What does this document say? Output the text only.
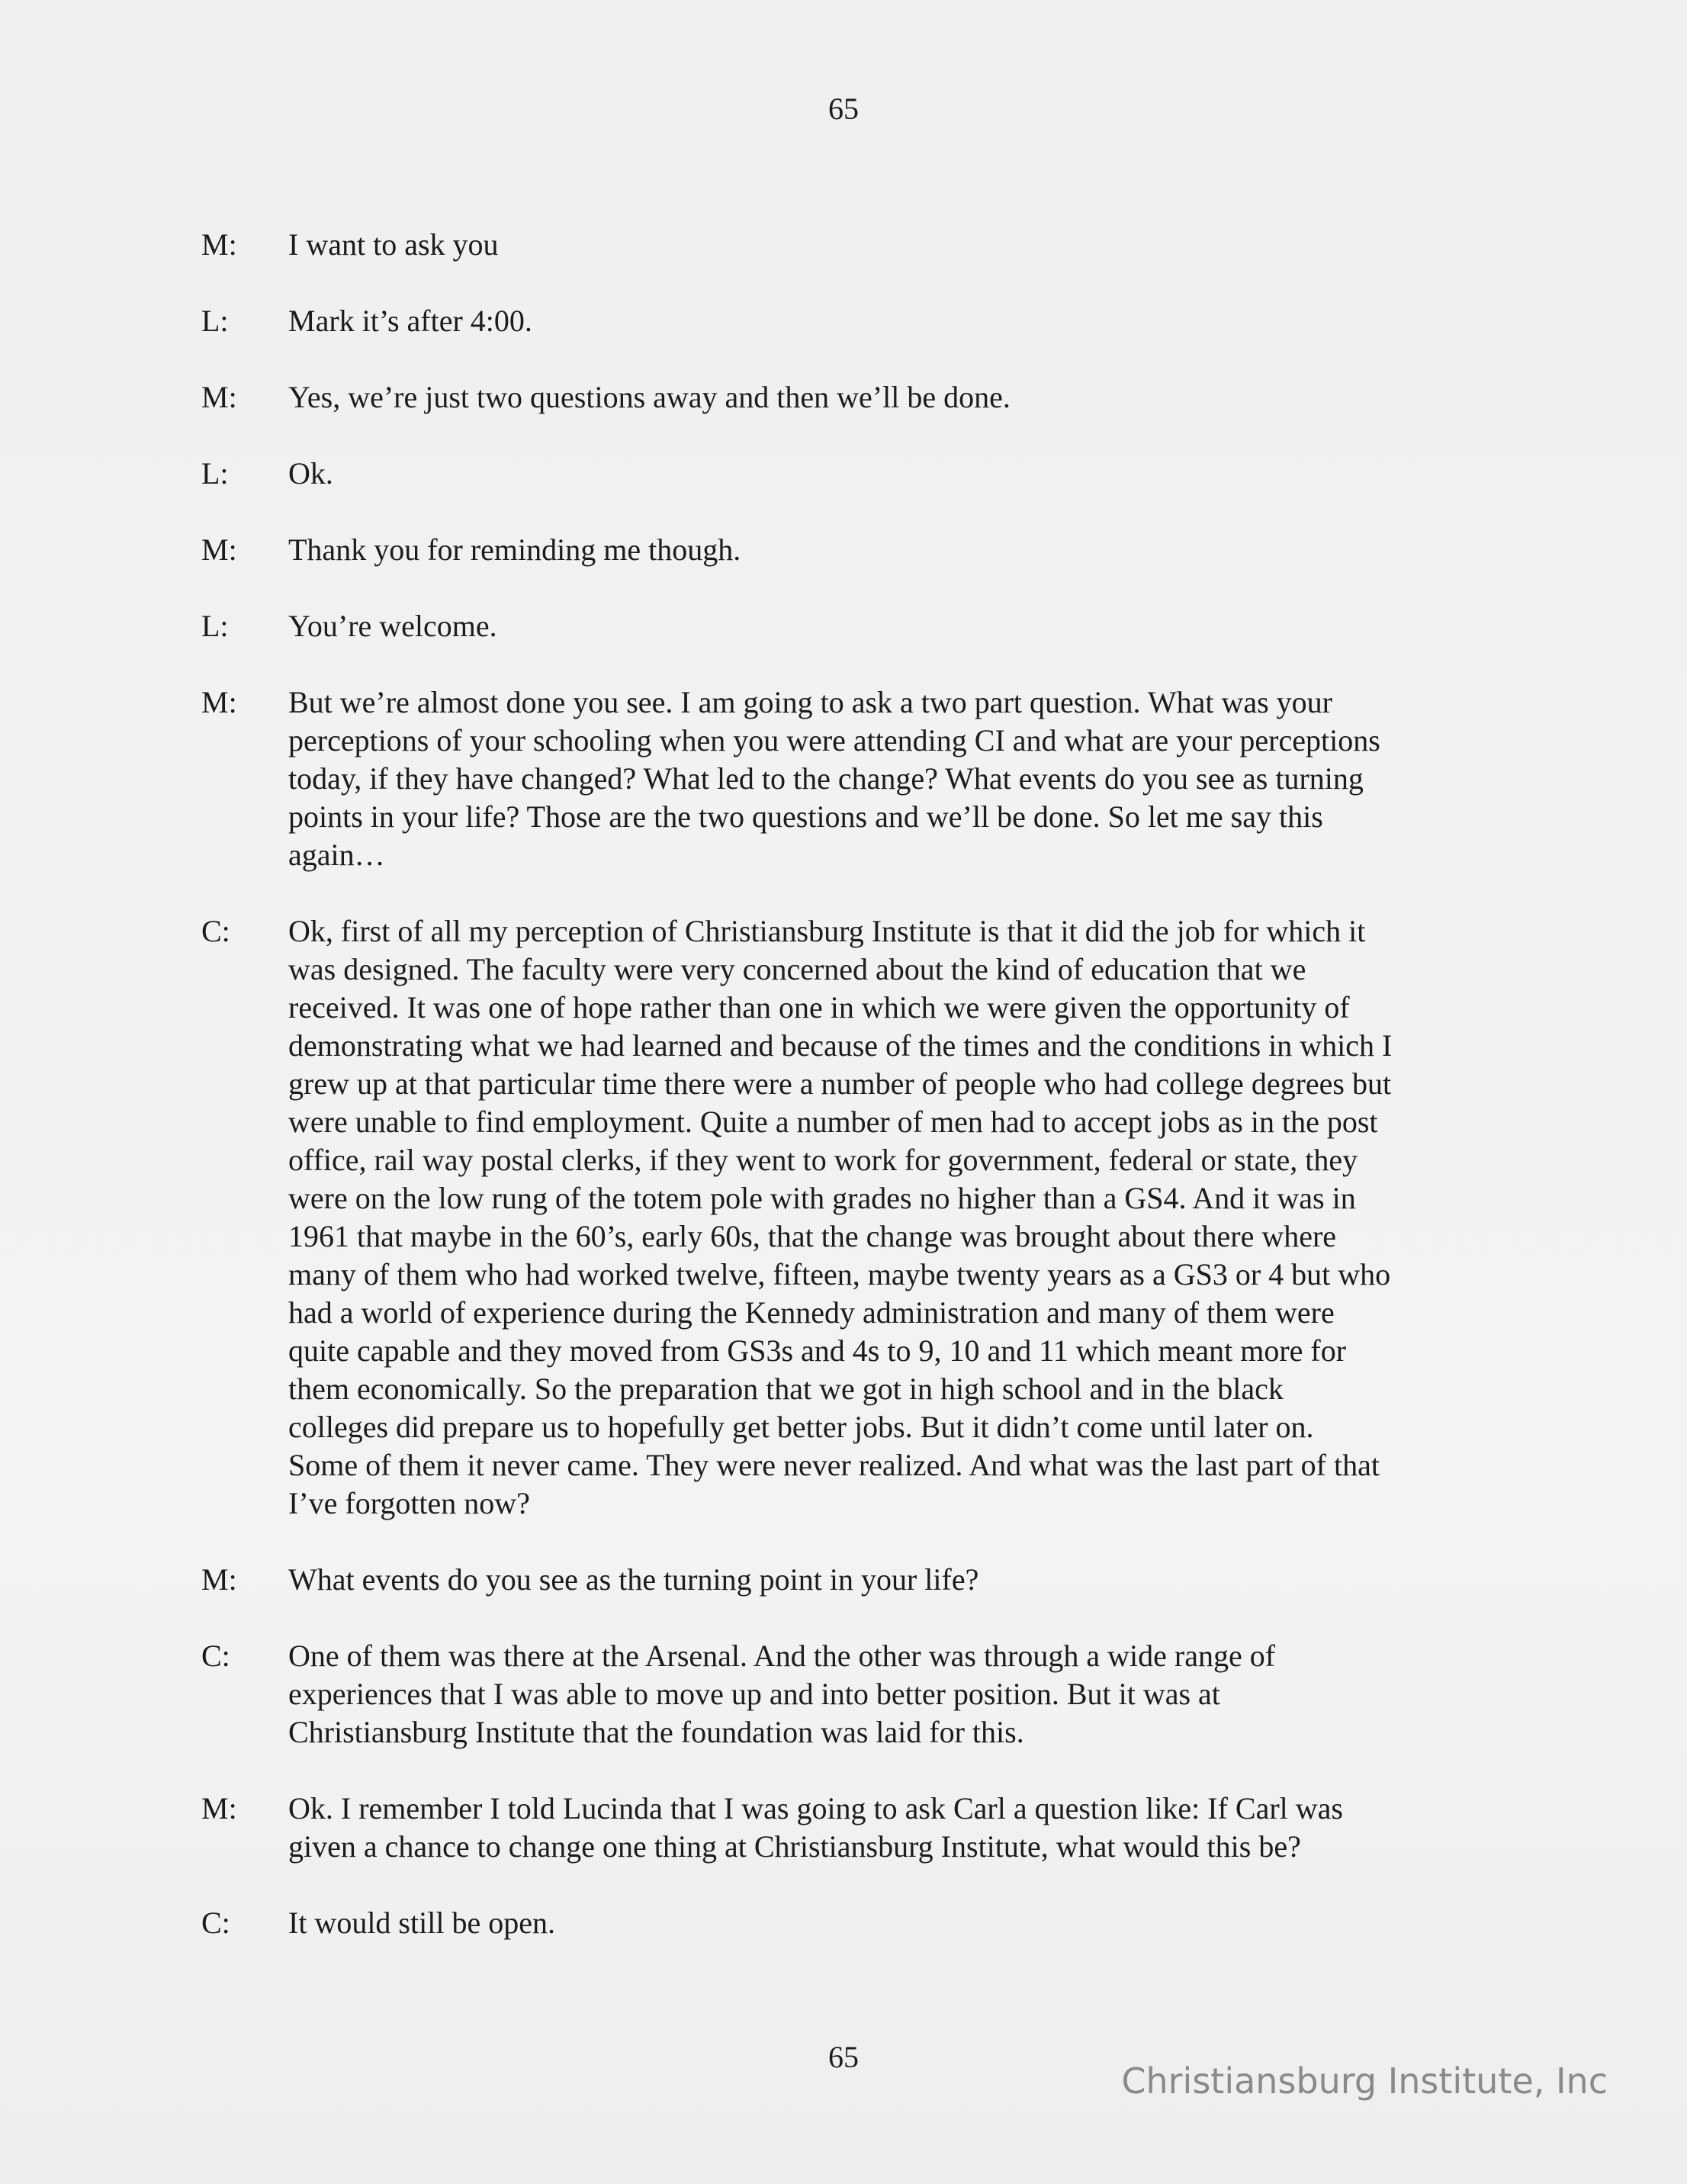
65
M: I want to ask you
L: Mark it’s after 4:00.
M: Yes, we’re just two questions away and then we’ll be done.
L: Ok.
M: Thank you for reminding me though.
L: You’re welcome.
M: But we’re almost done you see. I am going to ask a two part question. What was your
perceptions of your schooling when you were attending CI and what are your perceptions
today, if they have changed? What led to the change? What events do you see as turning
points in your life? Those are the two questions and we’ll be done. So let me say this
again…
C: Ok, first of all my perception of Christiansburg Institute is that it did the job for which it
was designed. The faculty were very concerned about the kind of education that we
received. It was one of hope rather than one in which we were given the opportunity of
demonstrating what we had learned and because of the times and the conditions in which I
grew up at that particular time there were a number of people who had college degrees but
were unable to find employment. Quite a number of men had to accept jobs as in the post
office, rail way postal clerks, if they went to work for government, federal or state, they
were on the low rung of the totem pole with grades no higher than a GS4. And it was in
1961 that maybe in the 60’s, early 60s, that the change was brought about there where
many of them who had worked twelve, fifteen, maybe twenty years as a GS3 or 4 but who
had a world of experience during the Kennedy administration and many of them were
quite capable and they moved from GS3s and 4s to 9, 10 and 11 which meant more for
them economically. So the preparation that we got in high school and in the black
colleges did prepare us to hopefully get better jobs. But it didn’t come until later on.
Some of them it never came. They were never realized. And what was the last part of that
I’ve forgotten now?
M: What events do you see as the turning point in your life?
C: One of them was there at the Arsenal. And the other was through a wide range of
experiences that I was able to move up and into better position. But it was at
Christiansburg Institute that the foundation was laid for this.
M: Ok. I remember I told Lucinda that I was going to ask Carl a question like: If Carl was
given a chance to change one thing at Christiansburg Institute, what would this be?
C: It would still be open.
65
Christiansburg Institute, Inc
